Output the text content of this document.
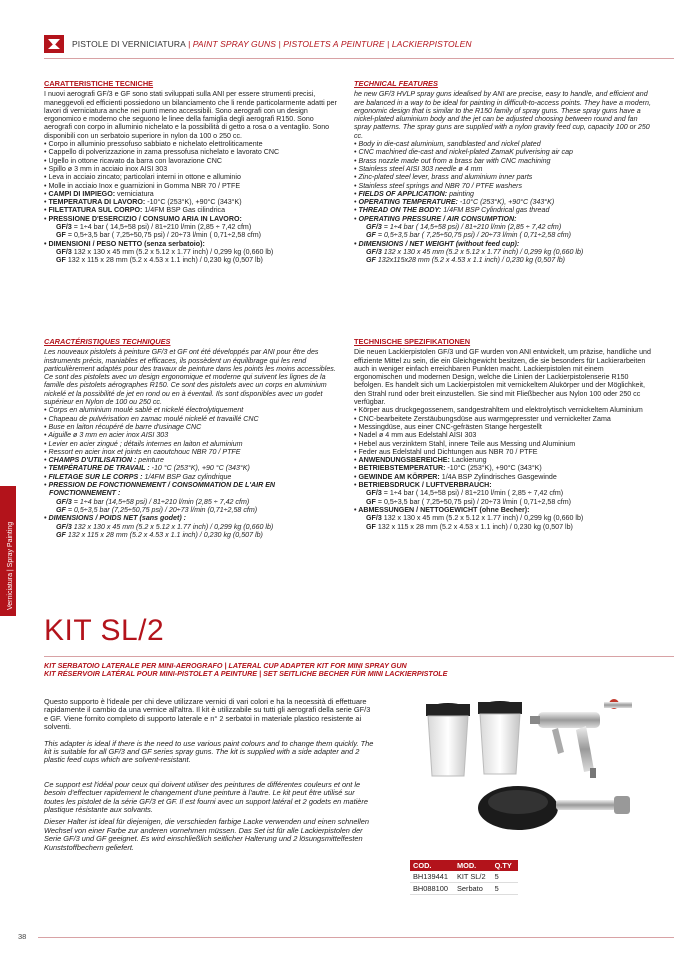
PISTOLE DI VERNICIATURA | PAINT SPRAY GUNS | PISTOLETS A PEINTURE | LACKIERPISTOLEN
Verniciatura | Spray Painting
CARATTERISTICHE TECNICHE

I nuovi aerografi GF/3 e GF sono stati sviluppati sulla ANI per essere strumenti precisi, maneggevoli ed efficienti possiedono un bilanciamento che li rende particolarmente adatti per lavori di verniciatura anche nei punti meno accessibili. Sono aerografi con un design ergonomico e moderno che seguono le linee della famiglia degli aerografi R150. Sono aerografi con corpo in alluminio nichelato e la possibilità di getto a rosa o a ventaglio. Sono disponibili con un serbatoio superiore in nylon da 100 o 250 cc.

• Corpo in alluminio pressofuso sabbiato e nichelato elettroliticamente
• Cappello di polverizzazione in zama pressofusa nichelato e lavorato CNC
• Ugello in ottone ricavato da barra con lavorazione CNC
• Spillo ø 3 mm in acciaio inox AISI 303
• Leva in acciaio zincato; particolari interni in ottone e alluminio
• Molle in acciaio Inox e guarnizioni in Gomma NBR 70 / PTFE
• CAMPI DI IMPIEGO: verniciatura
• TEMPERATURA DI LAVORO: -10°C (253°K), +90°C (343°K)
• FILETTATURA SUL CORPO: 1/4FM BSP Gas cilindrica
• PRESSIONE D'ESERCIZIO / CONSUMO ARIA IN LAVORO:
GF/3 = 1÷4 bar ( 14,5÷58 psi) / 81÷210 l/min (2,85 ÷ 7,42 cfm)
GF = 0,5÷3,5 bar ( 7,25÷50,75 psi) / 20÷73 l/min ( 0,71÷2,58 cfm)
• DIMENSIONI / PESO NETTO (senza serbatoio):
GF/3 132 x 130 x 45 mm (5.2 x 5.12 x 1.77 inch) / 0,299 kg (0,660 lb)
GF 132 x 115 x 28 mm (5.2 x 4.53 x 1.1 inch) / 0,230 kg (0,507 lb)
TECHNICAL FEATURES

he new GF/3 HVLP spray guns idealised by ANI are precise, easy to handle, and efficient and are balanced in a way to be ideal for painting in difficult-to-access points. They have a modern, ergonomic design that is similar to the R150 family of spray guns. These spray guns have a nickel-plated aluminium body and the jet can be adjusted choosing between round and fan spray patterns. The spray guns are supplied with a nylon gravity feed cup, capacity 100 or 250 cc.

• Body in die-cast aluminium, sandblasted and nickel plated
• CNC machined die-cast and nickel-plated ZamaK pulverising air cap
• Brass nozzle made out from a brass bar with CNC machining
• Stainless steel AISI 303 needle ø 4 mm
• Zinc-plated steel lever, brass and aluminium inner parts
• Stainless steel springs and NBR 70 / PTFE washers
• FIELDS OF APPLICATION: painting
• OPERATING TEMPERATURE: -10°C (253°K), +90°C (343°K)
• THREAD ON THE BODY: 1/4FM BSP Cylindrical gas thread
• OPERATING PRESSURE / AIR CONSUMPTION:
GF/3 = 1÷4 bar ( 14,5÷58 psi) / 81÷210 l/min (2,85 ÷ 7,42 cfm)
GF = 0,5÷3,5 bar ( 7,25÷50,75 psi) / 20÷73 l/min ( 0,71÷2,58 cfm)
• DIMENSIONS / NET WEIGHT (without feed cup):
GF/3 132 x 130 x 45 mm (5.2 x 5.12 x 1.77 inch) / 0,299 kg (0,660 lb)
GF 132x115x28 mm (5.2 x 4.53 x 1.1 inch) / 0,230 kg (0,507 lb)
CARACTÉRISTIQUES TECHNIQUES

Les nouveaux pistolets à peinture GF/3 et GF ont été développés par ANI pour être des instruments précis, maniables et efficaces, ils possèdent un équilibrage qui les rend particulièrement adaptés pour des travaux de peinture dans les points les moins accessibles. Ce sont des pistolets avec un design ergonomique et moderne qui suivent les lignes de la famille des pistolets aérographes R150. Ce sont des pistolets avec un corps en aluminium nickelé et la possibilité de jet en rond ou en à éventail. Ils sont disponibles avec un godet supérieur en Nylon de 100 ou 250 cc.

• Corps en aluminium moulé sablé et nickelé électrolytiquement
• Chapeau de pulvérisation en zamac moulé nickelé et travaillé CNC
• Buse en laiton récupéré de barre d'usinage CNC
• Aiguille ø 3 mm en acier inox AISI 303
• Levier en acier zingué ; détails internes en laiton et aluminium
• Ressort en acier inox et joints en caoutchouc NBR 70 / PTFE
• CHAMPS D'UTILISATION : peinture
• TEMPÉRATURE DE TRAVAIL : -10 °C (253°K), +90 °C (343°K)
• FILETAGE SUR LE CORPS : 1/4FM BSP Gaz cylindrique
• PRESSION DE FONCTIONNEMENT / CONSOMMATION DE L'AIR EN FONCTIONNEMENT :
GF/3 = 1÷4 bar (14,5÷58 psi) / 81÷210 l/min (2,85 ÷ 7,42 cfm)
GF = 0,5÷3,5 bar (7,25÷50,75 psi) / 20÷73 l/min (0,71÷2,58 cfm)
• DIMENSIONS / POIDS NET (sans godet) :
GF/3 132 x 130 x 45 mm (5.2 x 5.12 x 1.77 inch) / 0,299 kg (0,660 lb)
GF 132 x 115 x 28 mm (5.2 x 4.53 x 1.1 inch) / 0,230 kg (0,507 lb)
TECHNISCHE SPEZIFIKATIONEN

Die neuen Lackierpistolen GF/3 und GF wurden von ANI entwickelt, um präzise, handliche und effiziente Mittel zu sein, die ein Gleichgewicht besitzen, die sie besonders für Lackierarbeiten auch in weniger einfach erreichbaren Punkten macht. Lackierpistolen mit einem ergonomischen und modernen Design, welche die Linien der Lackierpistolenserie R150 befolgen. Es handelt sich um Lackierpistolen mit vernickeltem Alukörper und der Möglichkeit, den Strahl rund oder breit einzustellen. Sie sind mit Fließbecher aus Nylon 100 oder 250 cc verfügbar.

• Körper aus druckgegossenem, sandgestrahltem und elektrolytisch vernickeltem Aluminium
• CNC-bearbeitete Zerstäubungsdüse aus warmgepresster und vernickelter Zama
• Messingdüse, aus einer CNC-gefrästen Stange hergestellt
• Nadel ø 4 mm aus Edelstahl AISI 303
• Hebel aus verzinktem Stahl, innere Teile aus Messing und Aluminium
• Feder aus Edelstahl und Dichtungen aus NBR 70 / PTFE
• ANWENDUNGSBEREICHE: Lackierung
• BETRIEBSTEMPERATUR: -10°C (253°K), +90°C (343°K)
• GEWINDE AM KÖRPER: 1/4A BSP Zylindrisches Gasgewinde
• BETRIEBSDRUCK / LUFTVERBRAUCH:
GF/3 = 1÷4 bar ( 14,5÷58 psi) / 81÷210 l/min ( 2,85 ÷ 7,42 cfm)
GF = 0,5÷3,5 bar ( 7,25÷50,75 psi) / 20÷73 l/min ( 0,71÷2,58 cfm)
• ABMESSUNGEN / NETTOGEWICHT (ohne Becher):
GF/3 132 x 130 x 45 mm (5.2 x 5.12 x 1.77 inch) / 0,299 kg (0,660 lb)
GF 132 x 115 x 28 mm (5.2 x 4.53 x 1.1 inch) / 0,230 kg (0,507 lb)
KIT SL/2
KIT SERBATOIO LATERALE PER MINI-AEROGRAFO | LATERAL CUP ADAPTER KIT FOR MINI SPRAY GUN
KIT RÉSERVOIR LATÉRAL POUR MINI-PISTOLET A PEINTURE | SET SEITLICHE BECHER FÜR MINI LACKIERPISTOLE

Questo supporto è l'ideale per chi deve utilizzare vernici di vari colori e ha la necessità di effettuare rapidamente il cambio da una vernice all'altra. Il kit è utilizzabile su tutti gli aerografi della serie GF/3 e GF. Viene fornito completo di supporto laterale e n° 2 serbatoi in materiale plastico resistente ai solventi.

This adapter is ideal if there is the need to use various paint colours and to change them quickly. The kit is suitable for all GF/3 and GF series spray guns. The kit is supplied with a side adapter and 2 plastic feed cups which are solvent-resistant.

Ce support est l'idéal pour ceux qui doivent utiliser des peintures de différentes couleurs et ont le besoin d'effectuer rapidement le changement d'une peinture à l'autre. Le kit peut être utilisé sur toutes les pistolet de la série GF/3 et GF. Il est fourni avec un support latéral et 2 godets en matière plastique résistante aux solvants.

Dieser Halter ist ideal für diejenigen, die verschieden farbige Lacke verwenden und einen schnellen Wechsel von einer Farbe zur anderen vornehmen müssen. Das Set ist für alle Lackierpistolen der Serie GF/3 und GF geeignet. Es wird einschließlich seitlicher Halterung und 2 lösungsmittelfesten Kunststoffbechern geliefert.

COD.	MOD.	Q.TY
BH139441	KIT SL/2	5
BH088100	Serbato	5
38
